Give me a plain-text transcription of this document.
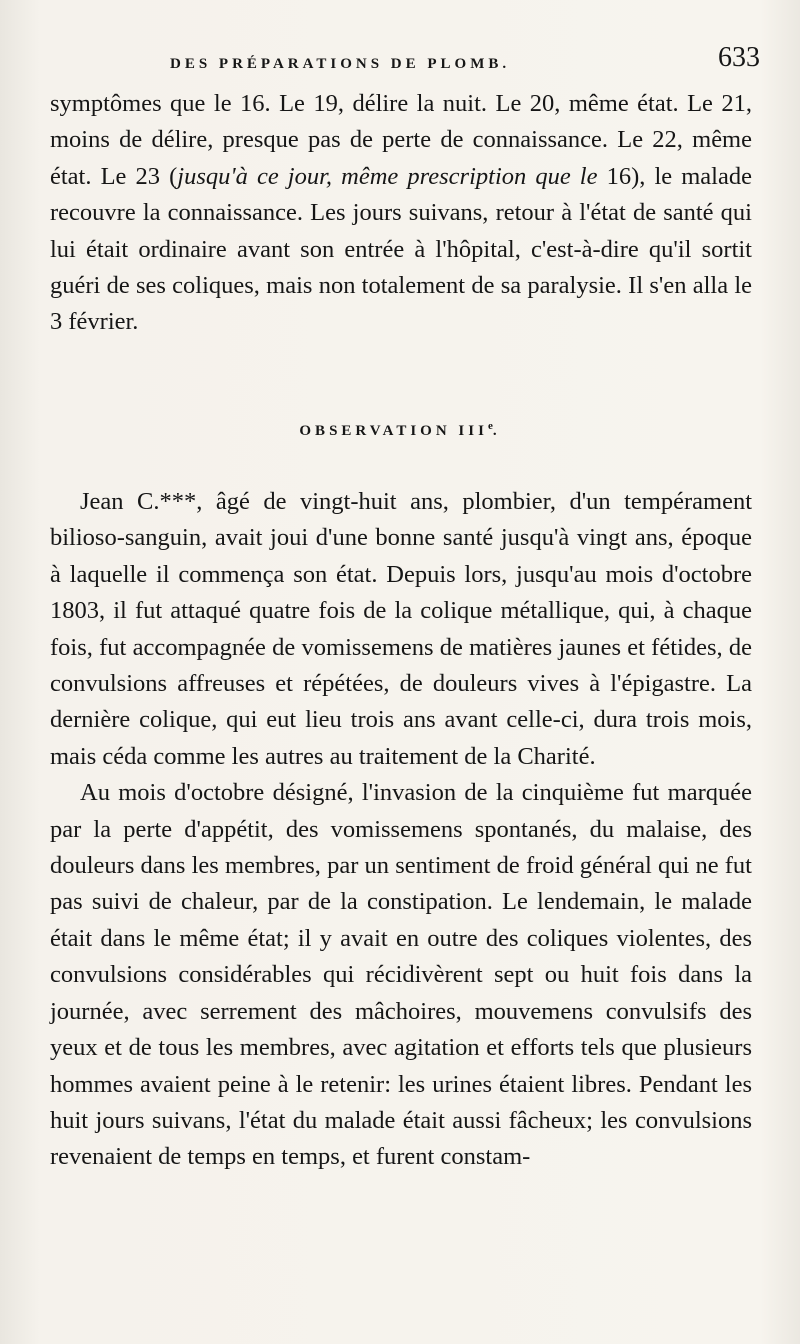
DES PRÉPARATIONS DE PLOMB.	633

symptômes que le 16. Le 19, délire la nuit. Le 20, même état. Le 21, moins de délire, presque pas de perte de connaissance. Le 22, même état. Le 23 (jusqu'à ce jour, même prescription que le 16), le malade recouvre la connaissance. Les jours suivans, retour à l'état de santé qui lui était ordinaire avant son entrée à l'hôpital, c'est-à-dire qu'il sortit guéri de ses coliques, mais non totalement de sa paralysie. Il s'en alla le 3 février.

OBSERVATION IIIe.

Jean C.***, âgé de vingt-huit ans, plombier, d'un tempérament bilioso-sanguin, avait joui d'une bonne santé jusqu'à vingt ans, époque à laquelle il commença son état. Depuis lors, jusqu'au mois d'octobre 1803, il fut attaqué quatre fois de la colique métallique, qui, à chaque fois, fut accompagnée de vomissemens de matières jaunes et fétides, de convulsions affreuses et répétées, de douleurs vives à l'épigastre. La dernière colique, qui eut lieu trois ans avant celle-ci, dura trois mois, mais céda comme les autres au traitement de la Charité.

Au mois d'octobre désigné, l'invasion de la cinquième fut marquée par la perte d'appétit, des vomissemens spontanés, du malaise, des douleurs dans les membres, par un sentiment de froid général qui ne fut pas suivi de chaleur, par de la constipation. Le lendemain, le malade était dans le même état; il y avait en outre des coliques violentes, des convulsions considérables qui récidivèrent sept ou huit fois dans la journée, avec serrement des mâchoires, mouvemens convulsifs des yeux et de tous les membres, avec agitation et efforts tels que plusieurs hommes avaient peine à le retenir: les urines étaient libres. Pendant les huit jours suivans, l'état du malade était aussi fâcheux; les convulsions revenaient de temps en temps, et furent constam-
